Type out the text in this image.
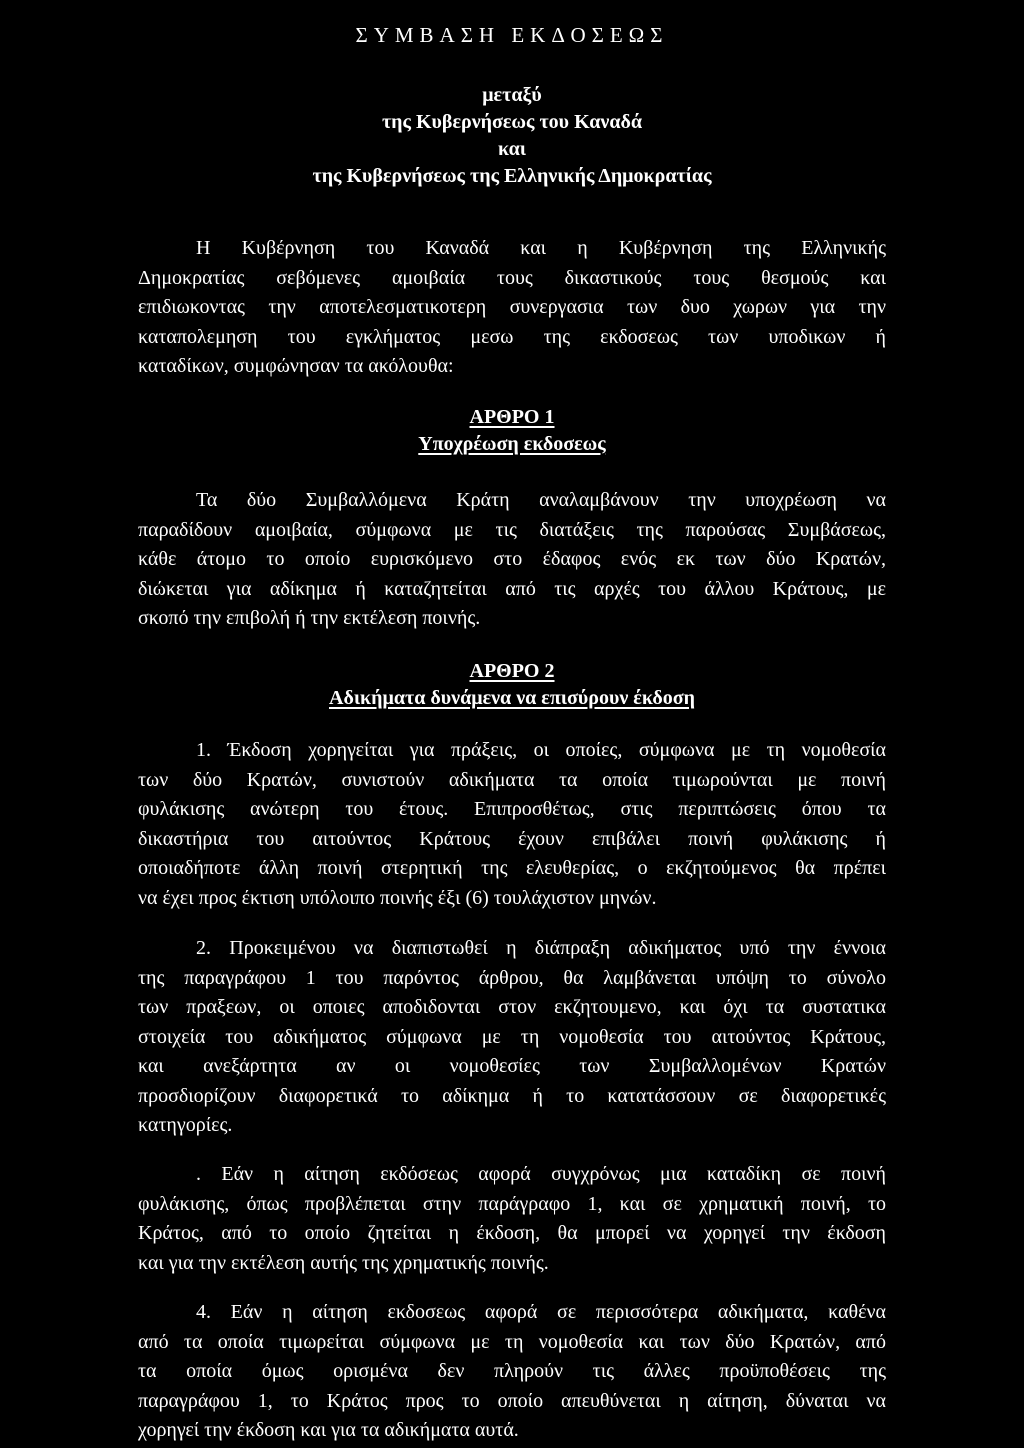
ΣΥΜΒΑΣΗ ΕΚΔΟΣΕΩΣ
μεταξύ
της Κυβερνήσεως του Καναδά
και
της Κυβερνήσεως της Ελληνικής Δημοκρατίας
Η Κυβέρνηση του Καναδά και η Κυβέρνηση της Ελληνικής
Δημοκρατίας σεβόμενες αμοιβαία τους δικαστικούς τους θεσμούς και
επιδιωκοντας την αποτελεσματικοτερη συνεργασια των δυο χωρων για την
καταπολεμηση του εγκλήματος μεσω της εκδοσεως των υποδικων ή
καταδίκων, συμφώνησαν τα ακόλουθα:
ΑΡΘΡΟ 1
Υποχρέωση εκδοσεως
Τα δύο Συμβαλλόμενα Κράτη αναλαμβάνουν την υποχρέωση να
παραδίδουν αμοιβαία, σύμφωνα με τις διατάξεις της παρούσας Συμβάσεως,
κάθε άτομο το οποίο ευρισκόμενο στο έδαφος ενός εκ των δύο Κρατών,
διώκεται για αδίκημα ή καταζητείται από τις αρχές του άλλου Κράτους, με
σκοπό την επιβολή ή την εκτέλεση ποινής.
ΑΡΘΡΟ 2
Αδικήματα δυνάμενα να επισύρουν έκδοση
1. Έκδοση χορηγείται για πράξεις, οι οποίες, σύμφωνα με τη νομοθεσία
των δύο Κρατών, συνιστούν αδικήματα τα οποία τιμωρούνται με ποινή
φυλάκισης ανώτερη του έτους. Επιπροσθέτως, στις περιπτώσεις όπου τα
δικαστήρια του αιτούντος Κράτους έχουν επιβάλει ποινή φυλάκισης ή
οποιαδήποτε άλλη ποινή στερητική της ελευθερίας, ο εκζητούμενος θα πρέπει
να έχει προς έκτιση υπόλοιπο ποινής έξι (6) τουλάχιστον μηνών.
2. Προκειμένου να διαπιστωθεί η διάπραξη αδικήματος υπό την έννοια
της παραγράφου 1 του παρόντος άρθρου, θα λαμβάνεται υπόψη το σύνολο
των πραξεων, οι οποιες αποδιδονται στον εκζητουμενο, και όχι τα συστατικα
στοιχεία του αδικήματος σύμφωνα με τη νομοθεσία του αιτούντος Κράτους,
και ανεξάρτητα αν οι νομοθεσίες των Συμβαλλομένων Κρατών
προσδιορίζουν διαφορετικά το αδίκημα ή το κατατάσσουν σε διαφορετικές
κατηγορίες.
. Εάν η αίτηση εκδόσεως αφορά συγχρόνως μια καταδίκη σε ποινή
φυλάκισης, όπως προβλέπεται στην παράγραφο 1, και σε χρηματική ποινή, το
Κράτος, από το οποίο ζητείται η έκδοση, θα μπορεί να χορηγεί την έκδοση
και για την εκτέλεση αυτής της χρηματικής ποινής.
4. Εάν η αίτηση εκδοσεως αφορά σε περισσότερα αδικήματα, καθένα
από τα οποία τιμωρείται σύμφωνα με τη νομοθεσία και των δύο Κρατών, από
τα οποία όμως ορισμένα δεν πληρούν τις άλλες προϋποθέσεις της
παραγράφου 1, το Κράτος προς το οποίο απευθύνεται η αίτηση, δύναται να
χορηγεί την έκδοση και για τα αδικήματα αυτά.
